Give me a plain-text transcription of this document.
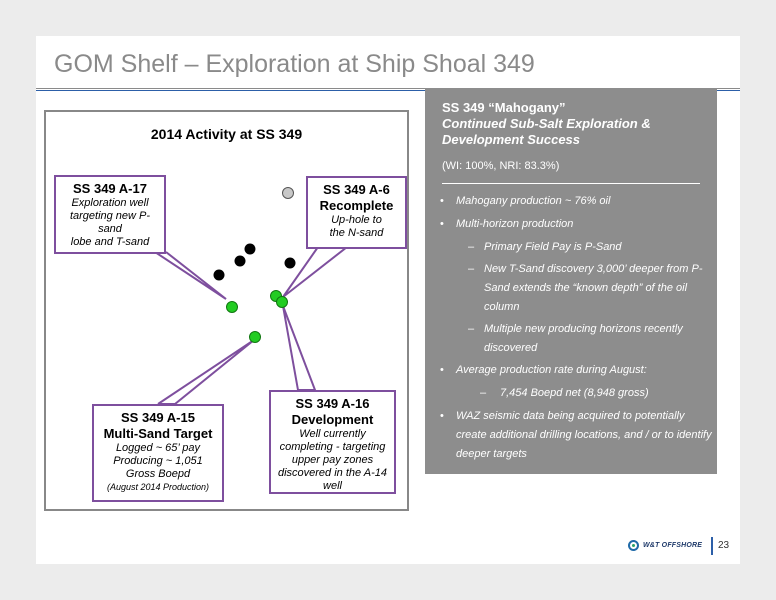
GOM Shelf – Exploration at Ship Shoal 349
2014 Activity at SS 349
SS 349 A-17
Exploration well
targeting new P-sand
lobe and T-sand
SS 349 A-6
Recomplete
Up-hole to
the N-sand
SS 349 A-16
Development
Well currently
completing - targeting
upper pay zones
discovered in the A-14
well
SS 349 A-15
Multi-Sand Target
Logged ~ 65’ pay
Producing ~ 1,051
Gross Boepd
(August 2014 Production)
SS 349 “Mahogany”
Continued Sub-Salt Exploration & Development Success
(WI: 100%, NRI: 83.3%)
• Mahogany production ~ 76% oil
• Multi-horizon production
– Primary Field Pay is P-Sand
– New T-Sand discovery 3,000’ deeper from P-Sand extends the “known depth” of the oil column
– Multiple new producing horizons recently discovered
• Average production rate during August:
– 7,454 Boepd net (8,948 gross)
• WAZ seismic data being acquired to potentially create additional drilling locations, and / or to identify deeper targets
W&T OFFSHORE 23
